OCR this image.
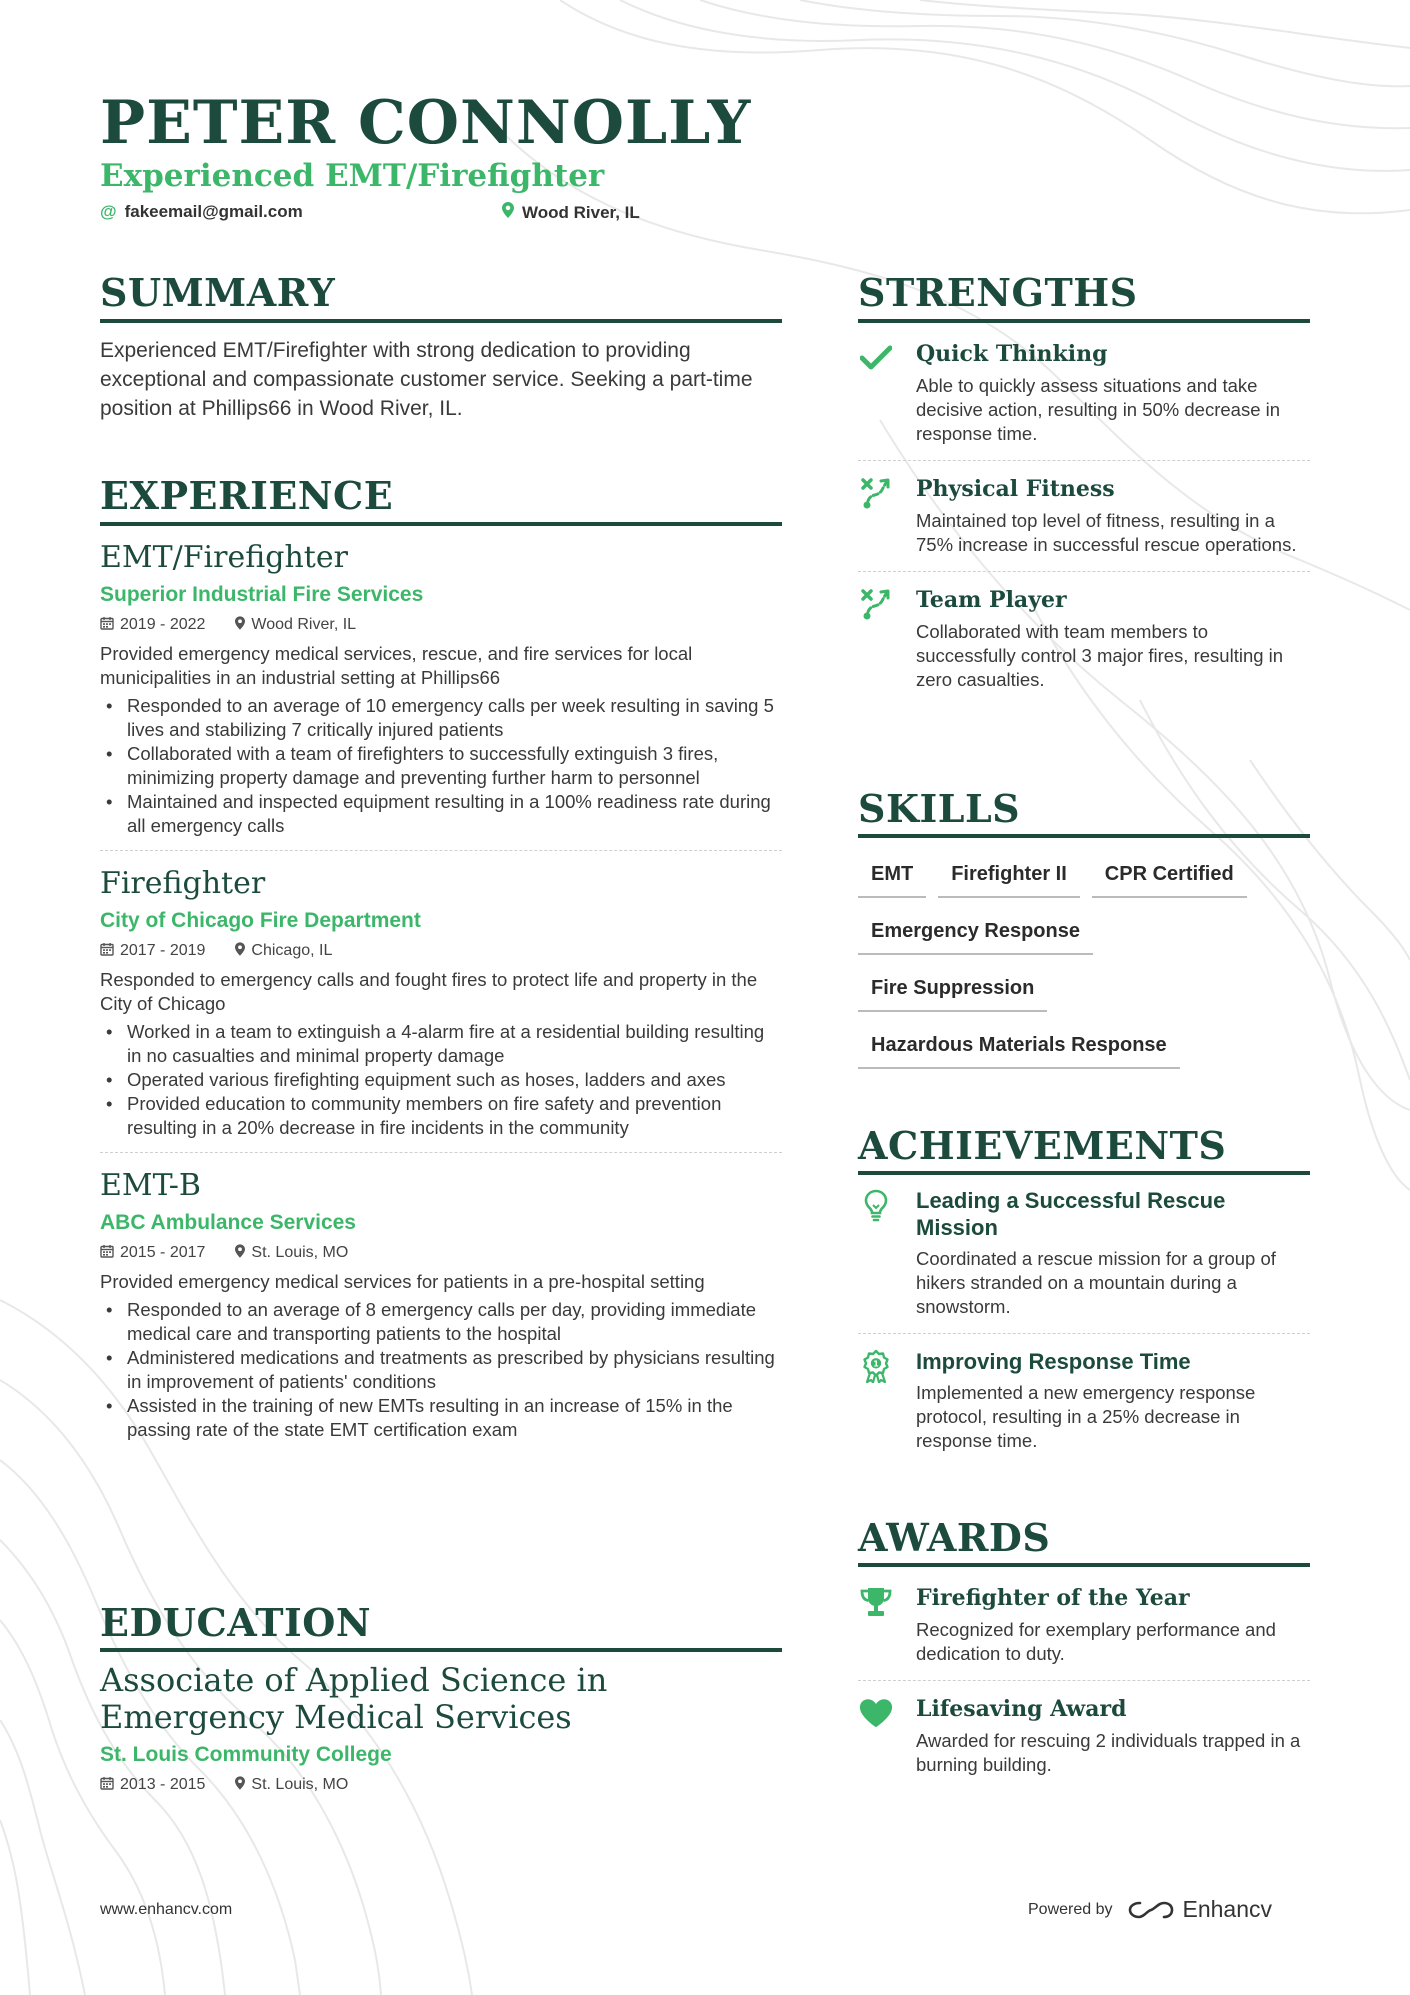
PETER CONNOLLY
Experienced EMT/Firefighter
@ fakeemail@gmail.com	Wood River, IL
SUMMARY

Experienced EMT/Firefighter with strong dedication to providing exceptional and compassionate customer service. Seeking a part-time position at Phillips66 in Wood River, IL.

EXPERIENCE
EMT/Firefighter
Superior Industrial Fire Services
2019 - 2022	Wood River, IL
Provided emergency medical services, rescue, and fire services for local municipalities in an industrial setting at Phillips66
• Responded to an average of 10 emergency calls per week resulting in saving 5 lives and stabilizing 7 critically injured patients
• Collaborated with a team of firefighters to successfully extinguish 3 fires, minimizing property damage and preventing further harm to personnel
• Maintained and inspected equipment resulting in a 100% readiness rate during all emergency calls
Firefighter
City of Chicago Fire Department
2017 - 2019	Chicago, IL
Responded to emergency calls and fought fires to protect life and property in the City of Chicago
• Worked in a team to extinguish a 4-alarm fire at a residential building resulting in no casualties and minimal property damage
• Operated various firefighting equipment such as hoses, ladders and axes
• Provided education to community members on fire safety and prevention resulting in a 20% decrease in fire incidents in the community
EMT-B
ABC Ambulance Services
2015 - 2017	St. Louis, MO
Provided emergency medical services for patients in a pre-hospital setting
• Responded to an average of 8 emergency calls per day, providing immediate medical care and transporting patients to the hospital
• Administered medications and treatments as prescribed by physicians resulting in improvement of patients' conditions
• Assisted in the training of new EMTs resulting in an increase of 15% in the passing rate of the state EMT certification exam
EDUCATION
Associate of Applied Science in Emergency Medical Services
St. Louis Community College
2013 - 2015	St. Louis, MO
STRENGTHS
Quick Thinking
Able to quickly assess situations and take decisive action, resulting in 50% decrease in response time.
Physical Fitness
Maintained top level of fitness, resulting in a 75% increase in successful rescue operations.
Team Player
Collaborated with team members to successfully control 3 major fires, resulting in zero casualties.
SKILLS
EMT	Firefighter II	CPR Certified
Emergency Response
Fire Suppression
Hazardous Materials Response
ACHIEVEMENTS
Leading a Successful Rescue Mission
Coordinated a rescue mission for a group of hikers stranded on a mountain during a snowstorm.
1 Improving Response Time
Implemented a new emergency response protocol, resulting in a 25% decrease in response time.
AWARDS
Firefighter of the Year
Recognized for exemplary performance and dedication to duty.
Lifesaving Award
Awarded for rescuing 2 individuals trapped in a burning building.
www.enhancv.com	Powered by	Enhancv
